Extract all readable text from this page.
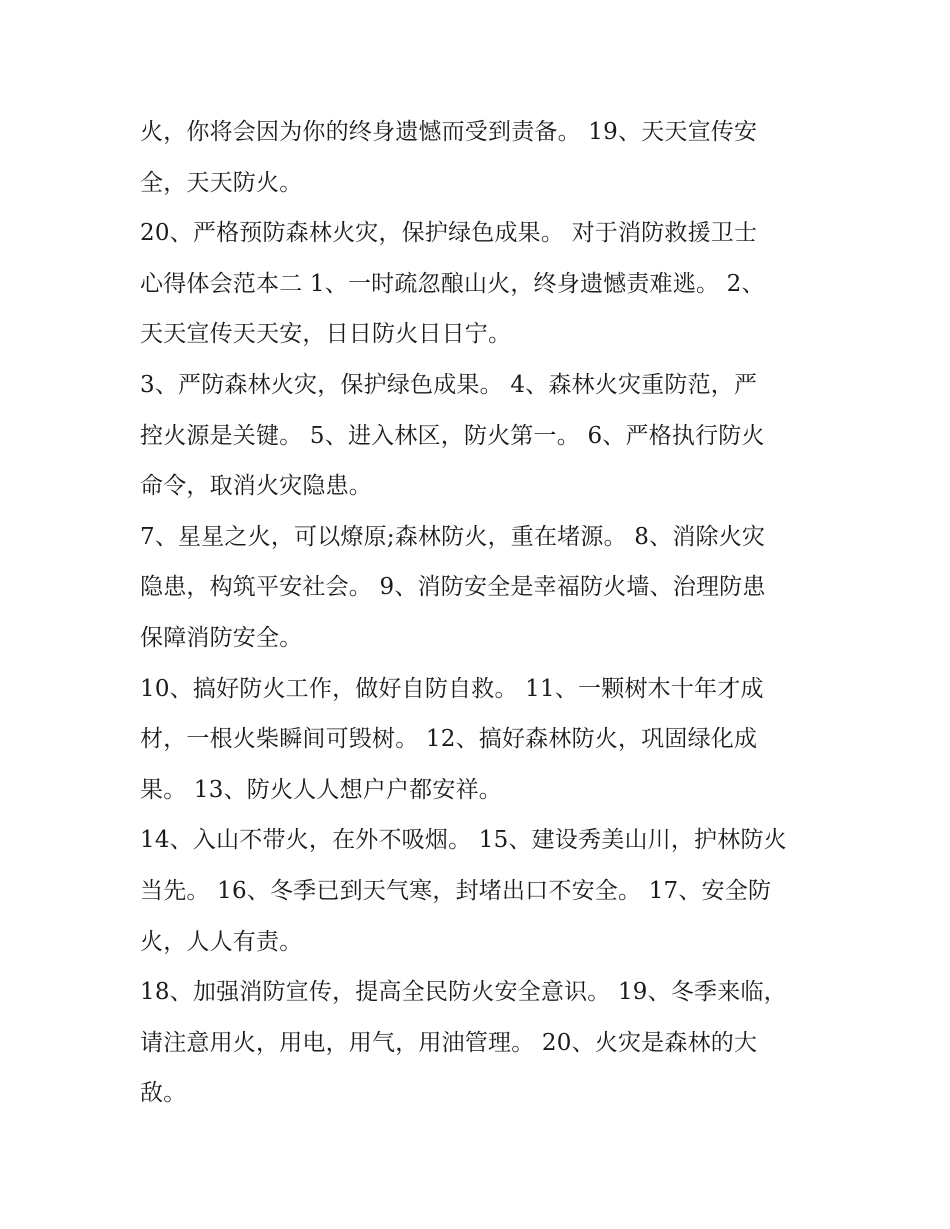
火，你将会因为你的终身遗憾而受到责备。 19、天天宣传安
全，天天防火。
20、严格预防森林火灾，保护绿色成果。 对于消防救援卫士
心得体会范本二 1、一时疏忽酿山火，终身遗憾责难逃。 2、
天天宣传天天安，日日防火日日宁。
3、严防森林火灾，保护绿色成果。 4、森林火灾重防范，严
控火源是关键。 5、进入林区，防火第一。 6、严格执行防火
命令，取消火灾隐患。
7、星星之火，可以燎原;森林防火，重在堵源。 8、消除火灾
隐患，构筑平安社会。 9、消防安全是幸福防火墙、治理防患
保障消防安全。
10、搞好防火工作，做好自防自救。 11、一颗树木十年才成
材，一根火柴瞬间可毁树。 12、搞好森林防火，巩固绿化成
果。 13、防火人人想户户都安祥。
14、入山不带火，在外不吸烟。 15、建设秀美山川，护林防火
当先。 16、冬季已到天气寒，封堵出口不安全。 17、安全防
火，人人有责。
18、加强消防宣传，提高全民防火安全意识。 19、冬季来临，
请注意用火，用电，用气，用油管理。 20、火灾是森林的大
敌。
